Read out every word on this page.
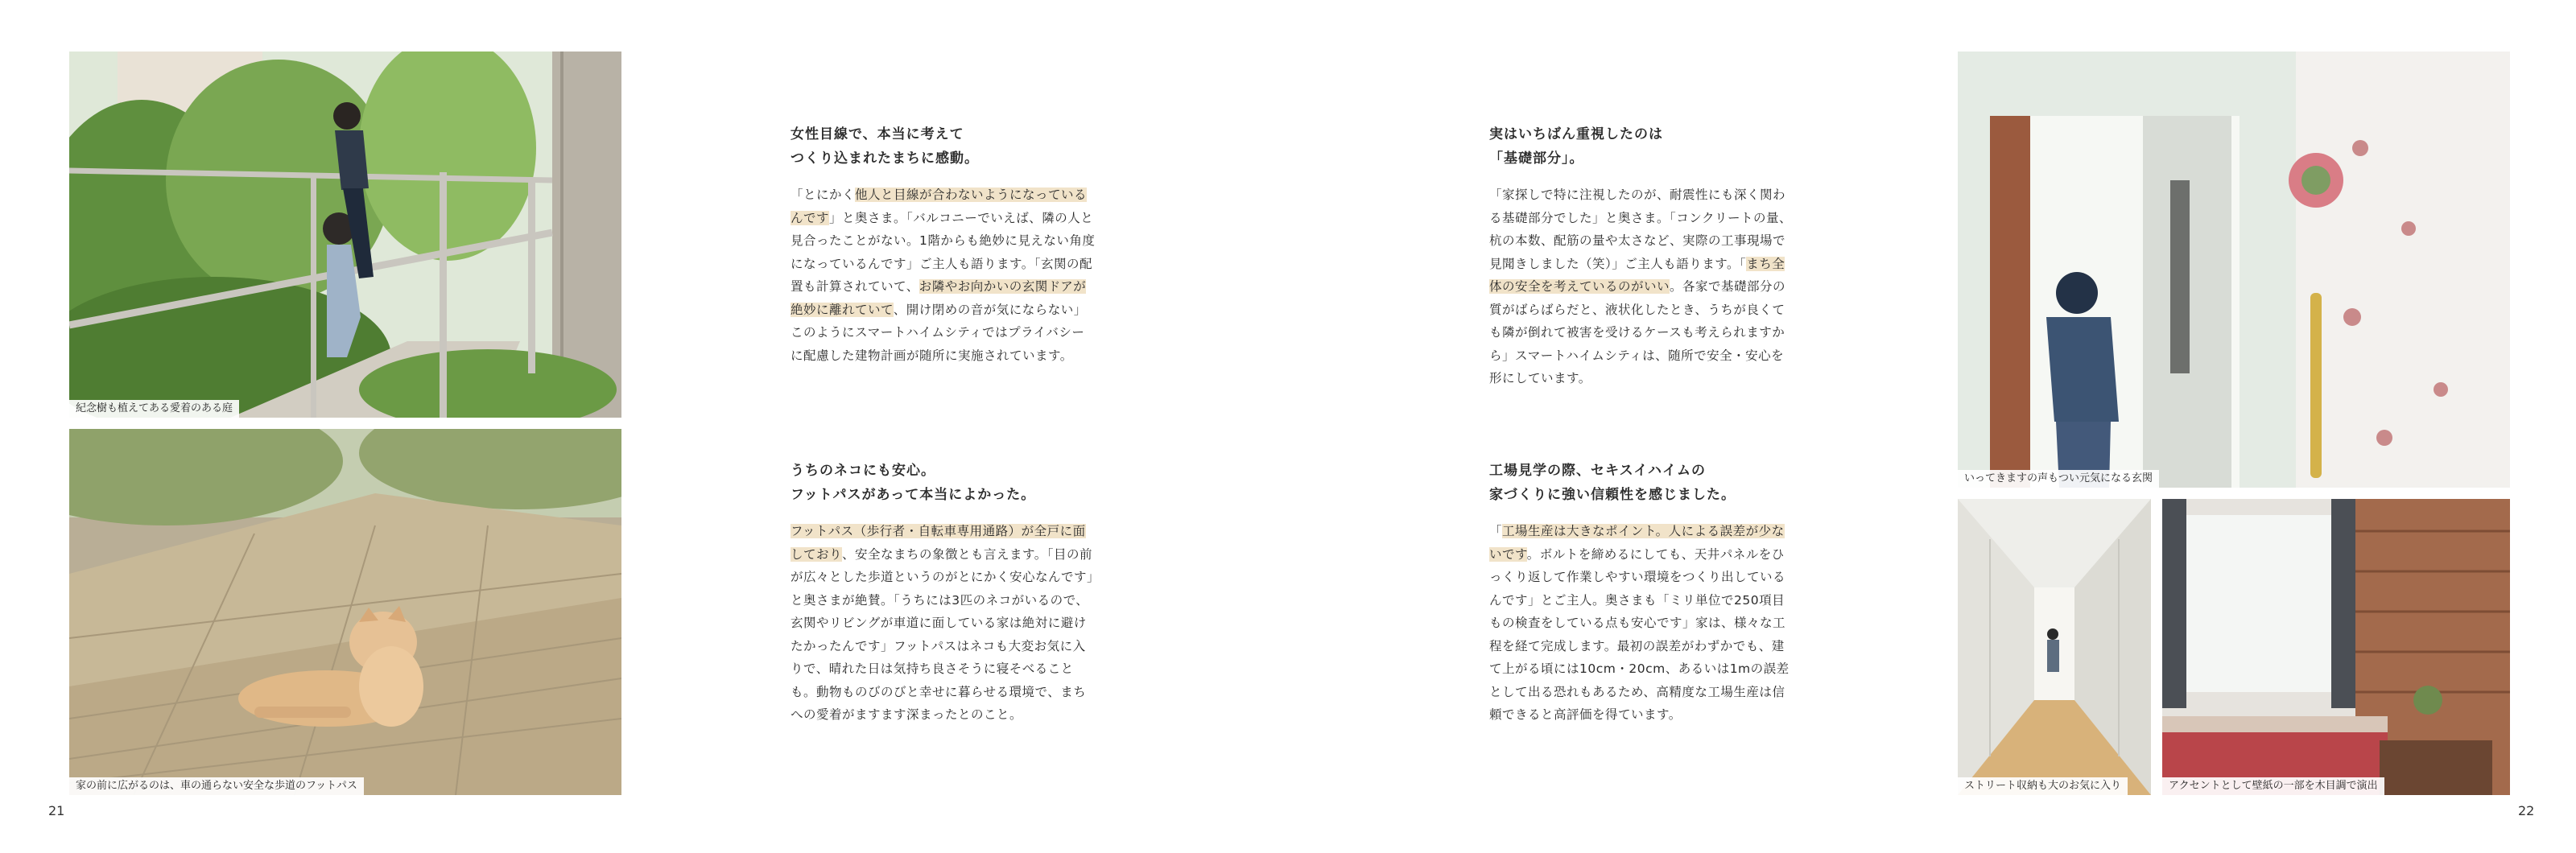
紀念樹も植えてある愛着のある庭
家の前に広がるのは、車の通らない安全な歩道のフットパス
21
女性目線で、本当に考えて
つくり込まれたまちに感動。

「とにかく他人と目線が合わないようになっているんです」と奥さま。「バルコニーでいえば、隣の人と見合ったことがない。1階からも絶妙に見えない角度になっているんです」ご主人も語ります。「玄関の配置も計算されていて、お隣やお向かいの玄関ドアが絶妙に離れていて、開け閉めの音が気にならない」このようにスマートハイムシティではプライバシーに配慮した建物計画が随所に実施されています。

うちのネコにも安心。
フットパスがあって本当によかった。

フットパス（歩行者・自転車専用通路）が全戸に面しており、安全なまちの象徴とも言えます。「目の前が広々とした歩道というのがとにかく安心なんです」と奥さまが絶賛。「うちには3匹のネコがいるので、玄関やリビングが車道に面している家は絶対に避けたかったんです」フットパスはネコも大変お気に入りで、晴れた日は気持ち良さそうに寝そべることも。動物ものびのびと幸せに暮らせる環境で、まちへの愛着がますます深まったとのこと。

実はいちばん重視したのは
「基礎部分」。

「家探しで特に注視したのが、耐震性にも深く関わる基礎部分でした」と奥さま。「コンクリートの量、杭の本数、配筋の量や太さなど、実際の工事現場で見聞きしました（笑）」ご主人も語ります。「まち全体の安全を考えているのがいい。各家で基礎部分の質がばらばらだと、液状化したとき、うちが良くても隣が倒れて被害を受けるケースも考えられますから」スマートハイムシティは、随所で安全・安心を形にしています。

工場見学の際、セキスイハイムの
家づくりに強い信頼性を感じました。

「工場生産は大きなポイント。人による誤差が少ないです。ボルトを締めるにしても、天井パネルをひっくり返して作業しやすい環境をつくり出しているんです」とご主人。奥さまも「ミリ単位で250項目もの検査をしている点も安心です」家は、様々な工程を経て完成します。最初の誤差がわずかでも、建て上がる頃には10cm・20cm、あるいは1mの誤差として出る恐れもあるため、高精度な工場生産は信頼できると高評価を得ています。

いってきますの声もつい元気になる玄関
ストリート収納も大のお気に入り	アクセントとして壁紙の一部を木目調で演出
22
